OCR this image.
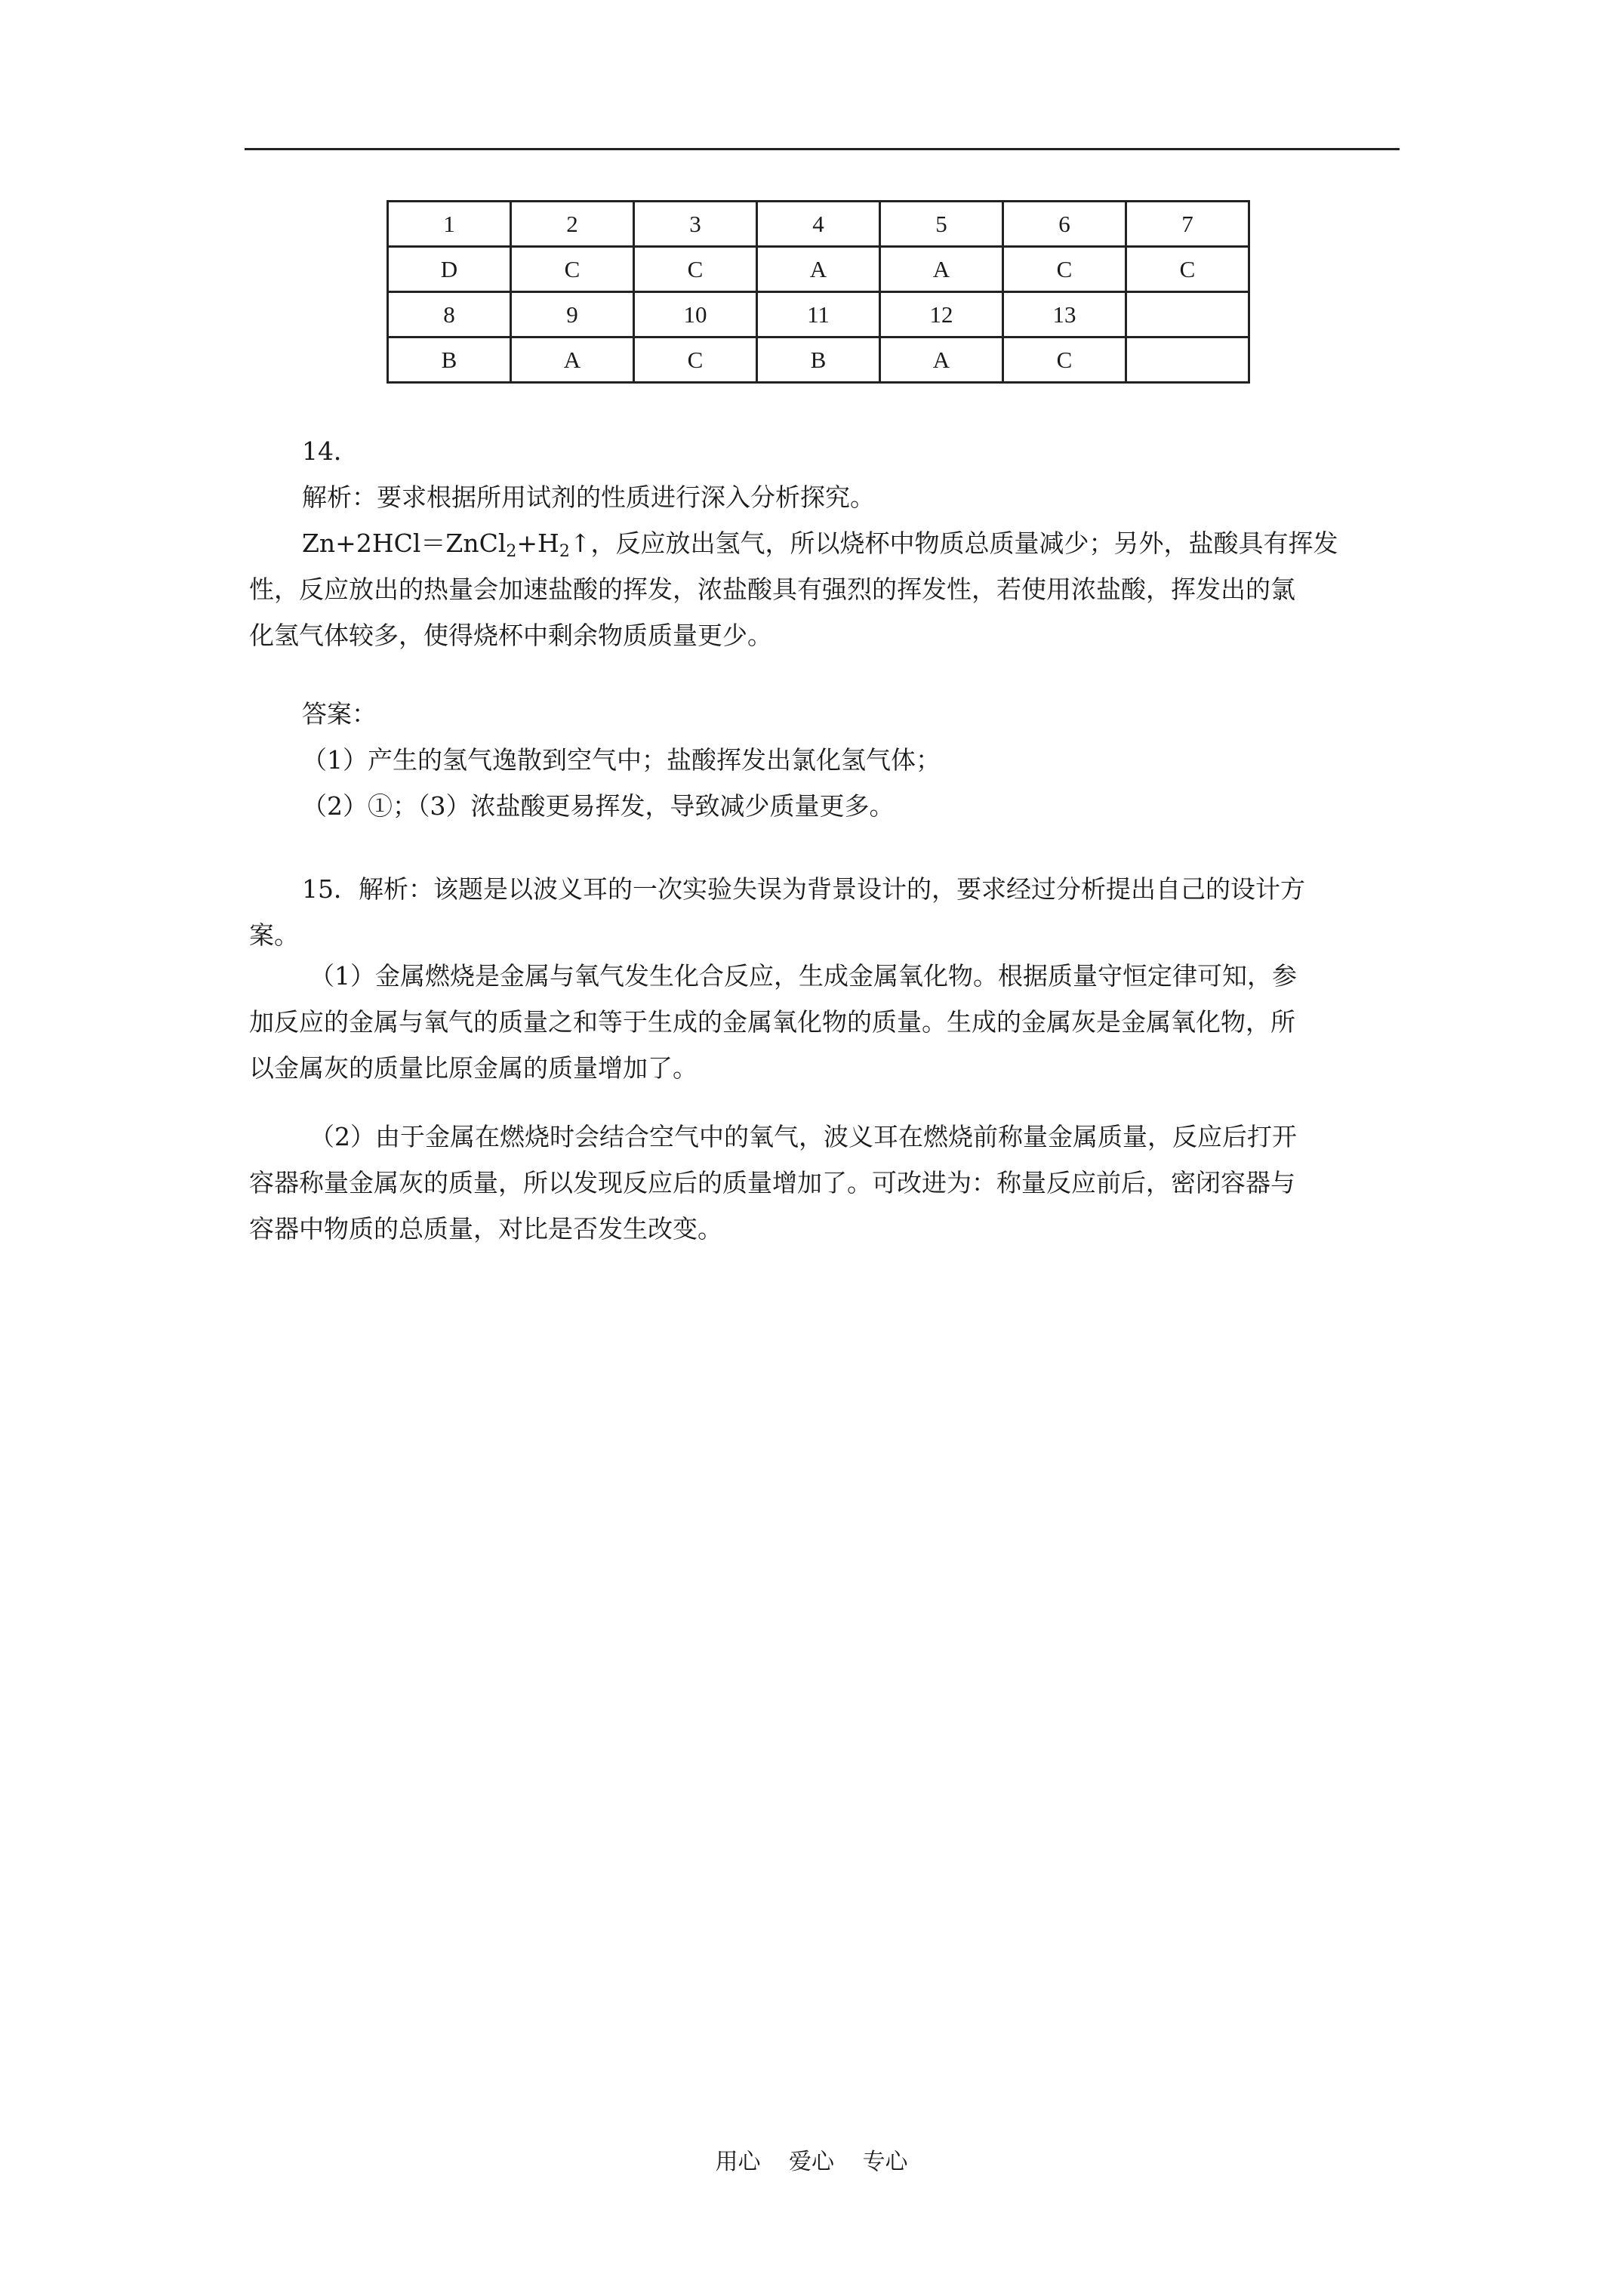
1	2	3	4	5	6	7
D	C	C	A	A	C	C
8	9	10	11	12	13	
B	A	C	B	A	C	
14．
解析：要求根据所用试剂的性质进行深入分析探究。
$Zn+2HCl=ZnCl_2+H_2↑$，反应放出氢气，所以烧杯中物质总质量减少；另外，盐酸具有挥发
性，反应放出的热量会加速盐酸的挥发，浓盐酸具有强烈的挥发性，若使用浓盐酸，挥发出的氯
化氢气体较多，使得烧杯中剩余物质质量更少。
答案：
（1）产生的氢气逸散到空气中；盐酸挥发出氯化氢气体；
（2）①；（3）浓盐酸更易挥发，导致减少质量更多。
15．解析：该题是以波义耳的一次实验失误为背景设计的，要求经过分析提出自己的设计方
案。
（1）金属燃烧是金属与氧气发生化合反应，生成金属氧化物。根据质量守恒定律可知，参
加反应的金属与氧气的质量之和等于生成的金属氧化物的质量。生成的金属灰是金属氧化物，所
以金属灰的质量比原金属的质量增加了。
（2）由于金属在燃烧时会结合空气中的氧气，波义耳在燃烧前称量金属质量，反应后打开
容器称量金属灰的质量，所以发现反应后的质量增加了。可改进为：称量反应前后，密闭容器与
容器中物质的总质量，对比是否发生改变。
用心 爱心 专心
